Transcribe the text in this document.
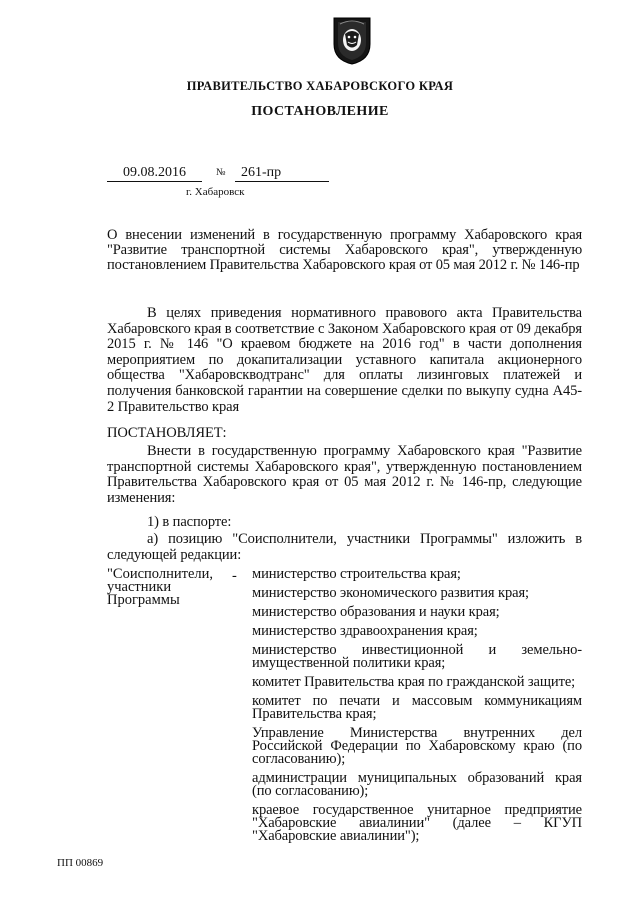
ПРАВИТЕЛЬСТВО ХАБАРОВСКОГО КРАЯ
ПОСТАНОВЛЕНИЕ
09.08.2016	№	261-пр
г. Хабаровск
О внесении изменений в государственную программу Хабаровского края "Развитие транспортной системы Хабаровского края", утвержденную постановлением Правительства Хабаровского края от 05 мая 2012 г. № 146-пр
В целях приведения нормативного правового акта Правительства Хабаровского края в соответствие с Законом Хабаровского края от 09 декабря 2015 г. № 146 "О краевом бюджете на 2016 год" в части дополнения мероприятием по докапитализации уставного капитала акционерного общества "Хабаровскводтранс" для оплаты лизинговых платежей и получения банковской гарантии на совершение сделки по выкупу судна А45-2 Правительство края
ПОСТАНОВЛЯЕТ:
Внести в государственную программу Хабаровского края "Развитие транспортной системы Хабаровского края", утвержденную постановлением Правительства Хабаровского края от 05 мая 2012 г. № 146-пр, следующие изменения:
1) в паспорте:
а) позицию "Соисполнители, участники Программы" изложить в следующей редакции:
"Соисполнители, участники Программы
- министерство строительства края;
министерство экономического развития края;
министерство образования и науки края;
министерство здравоохранения края;
министерство инвестиционной и земельно-имущественной политики края;
комитет Правительства края по гражданской защите;
комитет по печати и массовым коммуникациям Правительства края;
Управление Министерства внутренних дел Российской Федерации по Хабаровскому краю (по согласованию);
администрации муниципальных образований края (по согласованию);
краевое государственное унитарное предприятие "Хабаровские авиалинии" (далее – КГУП "Хабаровские авиалинии");
ПП 00869
